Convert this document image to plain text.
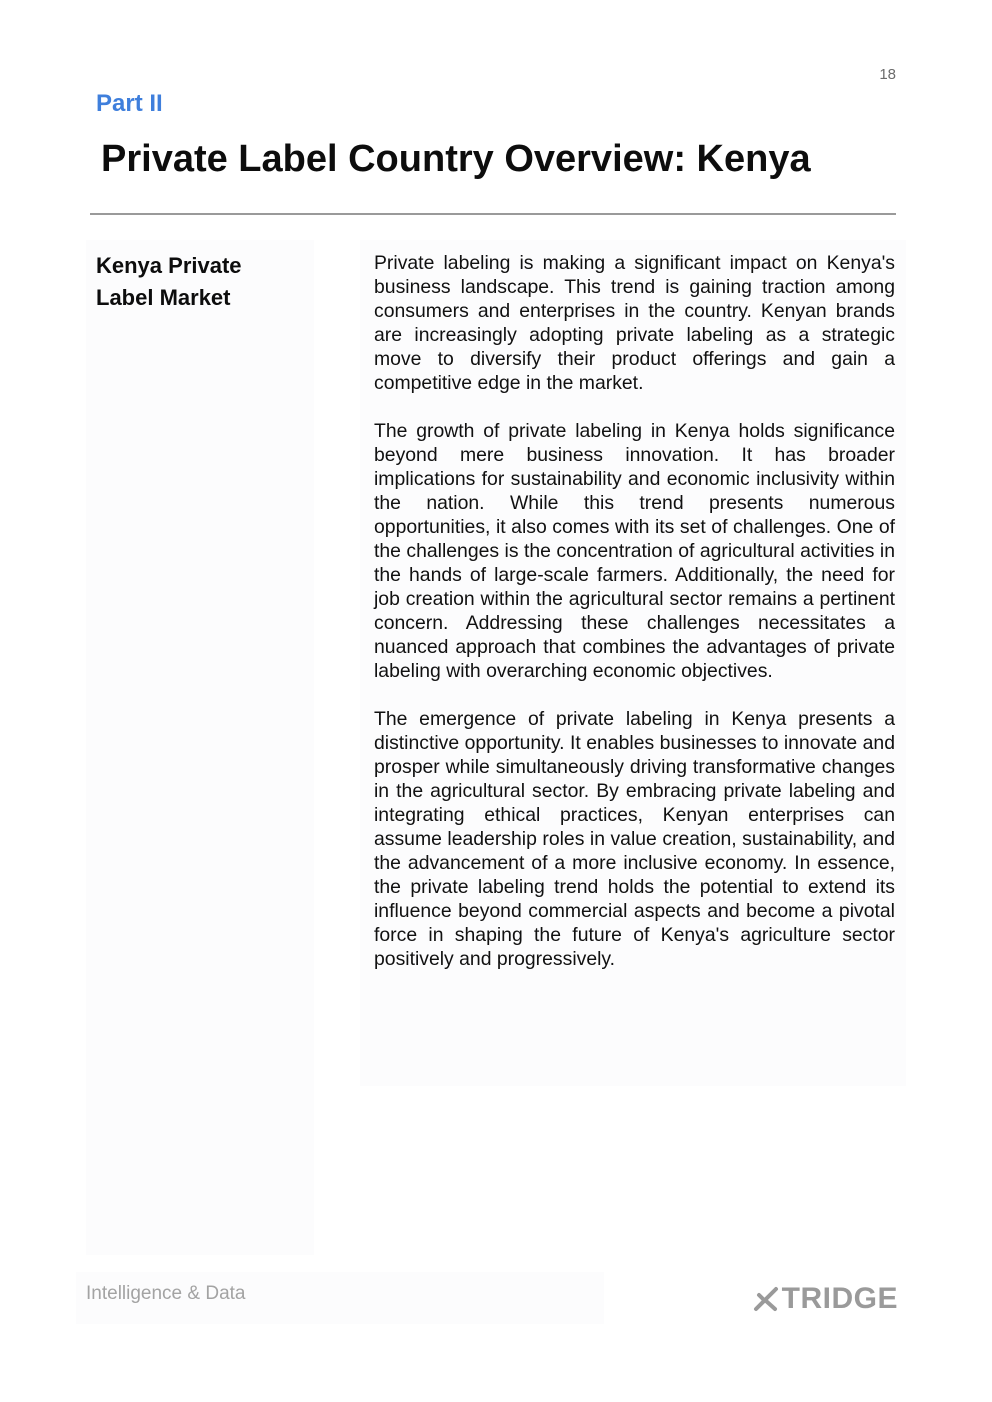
18
Part II
Private Label Country Overview: Kenya
Kenya Private Label Market

Private labeling is making a significant impact on Kenya's business landscape. This trend is gaining traction among consumers and enterprises in the country. Kenyan brands are increasingly adopting private labeling as a strategic move to diversify their product offerings and gain a competitive edge in the market.

The growth of private labeling in Kenya holds significance beyond mere business innovation. It has broader implications for sustainability and economic inclusivity within the nation. While this trend presents numerous opportunities, it also comes with its set of challenges. One of the challenges is the concentration of agricultural activities in the hands of large-scale farmers. Additionally, the need for job creation within the agricultural sector remains a pertinent concern. Addressing these challenges necessitates a nuanced approach that combines the advantages of private labeling with overarching economic objectives.

The emergence of private labeling in Kenya presents a distinctive opportunity. It enables businesses to innovate and prosper while simultaneously driving transformative changes in the agricultural sector. By embracing private labeling and integrating ethical practices, Kenyan enterprises can assume leadership roles in value creation, sustainability, and the advancement of a more inclusive economy. In essence, the private labeling trend holds the potential to extend its influence beyond commercial aspects and become a pivotal force in shaping the future of Kenya's agriculture sector positively and progressively.

Intelligence & Data	TRIDGE
